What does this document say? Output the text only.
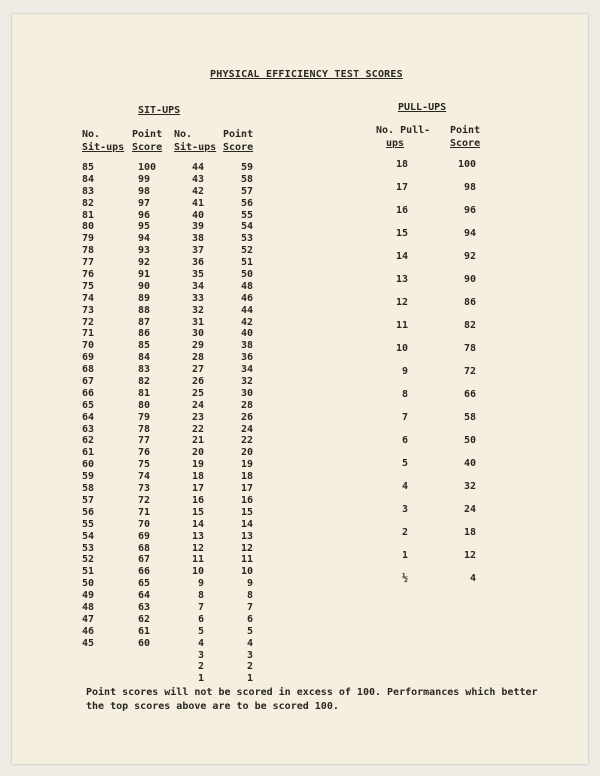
PHYSICAL EFFICIENCY TEST SCORES
SIT-UPS	PULL-UPS
No.
Sit-ups
Point
Score
No.
Sit-ups
Point
Score
No. Pull-
ups
Point
Score
85
84
83
82
81
80
79
78
77
76
75
74
73
72
71
70
69
68
67
66
65
64
63
62
61
60
59
58
57
56
55
54
53
52
51
50
49
48
47
46
45
100
99
98
97
96
95
94
93
92
91
90
89
88
87
86
85
84
83
82
81
80
79
78
77
76
75
74
73
72
71
70
69
68
67
66
65
64
63
62
61
60
44
43
42
41
40
39
38
37
36
35
34
33
32
31
30
29
28
27
26
25
24
23
22
21
20
19
18
17
16
15
14
13
12
11
10
9
8
7
6
5
4
3
2
1
59
58
57
56
55
54
53
52
51
50
48
46
44
42
40
38
36
34
32
30
28
26
24
22
20
19
18
17
16
15
14
13
12
11
10
9
8
7
6
5
4
3
2
1
18
17
16
15
14
13
12
11
10
9
8
7
6
5
4
3
2
1
½
100
98
96
94
92
90
86
82
78
72
66
58
50
40
32
24
18
12
4
Point scores will not be scored in excess of 100. Performances which better the top scores above are to be scored 100.
